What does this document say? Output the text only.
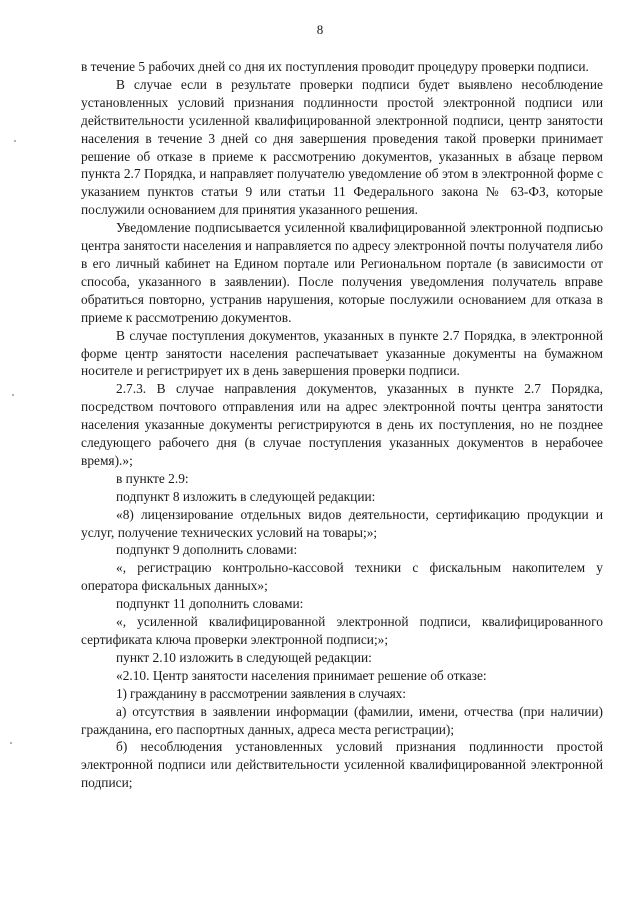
8

в течение 5 рабочих дней со дня их поступления проводит процедуру проверки подписи.

В случае если в результате проверки подписи будет выявлено несоблюдение установленных условий признания подлинности простой электронной подписи или действительности усиленной квалифицированной электронной подписи, центр занятости населения в течение 3 дней со дня завершения проведения такой проверки принимает решение об отказе в приеме к рассмотрению документов, указанных в абзаце первом пункта 2.7 Порядка, и направляет получателю уведомление об этом в электронной форме с указанием пунктов статьи 9 или статьи 11 Федерального закона № 63-ФЗ, которые послужили основанием для принятия указанного решения.

Уведомление подписывается усиленной квалифицированной электронной подписью центра занятости населения и направляется по адресу электронной почты получателя либо в его личный кабинет на Едином портале или Региональном портале (в зависимости от способа, указанного в заявлении). После получения уведомления получатель вправе обратиться повторно, устранив нарушения, которые послужили основанием для отказа в приеме к рассмотрению документов.

В случае поступления документов, указанных в пункте 2.7 Порядка, в электронной форме центр занятости населения распечатывает указанные документы на бумажном носителе и регистрирует их в день завершения проверки подписи.

2.7.3. В случае направления документов, указанных в пункте 2.7 Порядка, посредством почтового отправления или на адрес электронной почты центра занятости населения указанные документы регистрируются в день их поступления, но не позднее следующего рабочего дня (в случае поступления указанных документов в нерабочее время).»;

в пункте 2.9:

подпункт 8 изложить в следующей редакции:

«8) лицензирование отдельных видов деятельности, сертификацию продукции и услуг, получение технических условий на товары;»;

подпункт 9 дополнить словами:

«, регистрацию контрольно-кассовой техники с фискальным накопителем у оператора фискальных данных»;

подпункт 11 дополнить словами:

«, усиленной квалифицированной электронной подписи, квалифицированного сертификата ключа проверки электронной подписи;»;

пункт 2.10 изложить в следующей редакции:

«2.10. Центр занятости населения принимает решение об отказе:

1) гражданину в рассмотрении заявления в случаях:

а) отсутствия в заявлении информации (фамилии, имени, отчества (при наличии) гражданина, его паспортных данных, адреса места регистрации);

б) несоблюдения установленных условий признания подлинности простой электронной подписи или действительности усиленной квалифицированной электронной подписи;
